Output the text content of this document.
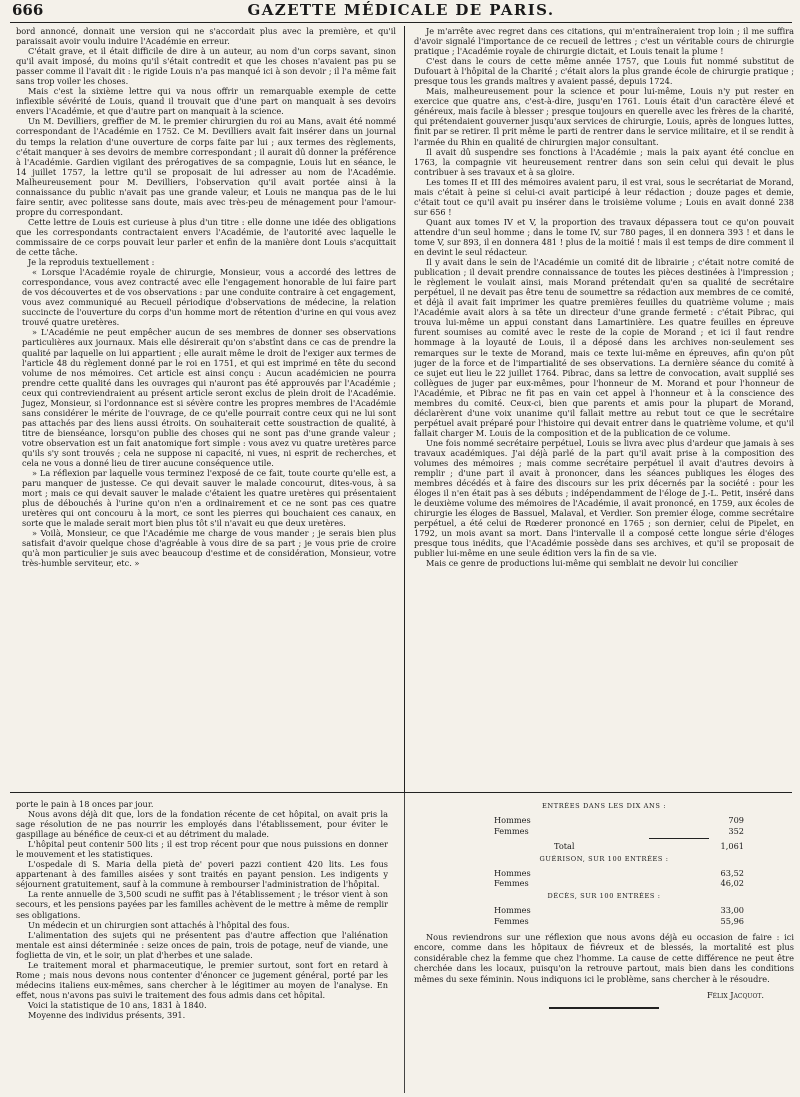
666	GAZETTE MÉDICALE DE PARIS.

bord annoncé, donnait une version qui ne s'accordait plus avec la première, et qu'il paraissait avoir voulu induire l'Académie en erreur.

C'était grave, et il était difficile de dire à un auteur, au nom d'un corps savant, sinon qu'il avait imposé, du moins qu'il s'était contredit et que les choses n'avaient pas pu se passer comme il l'avait dit : le rigide Louis n'a pas manqué ici à son devoir ; il l'a même fait sans trop voiler les choses.

Mais c'est la sixième lettre qui va nous offrir un remarquable exemple de cette inflexible sévérité de Louis, quand il trouvait que d'une part on manquait à ses devoirs envers l'Académie, et que d'autre part on manquait à la science.

Un M. Devilliers, greffier de M. le premier chirurgien du roi au Mans, avait été nommé correspondant de l'Académie en 1752. Ce M. Devilliers avait fait insérer dans un journal du temps la relation d'une ouverture de corps faite par lui ; aux termes des règlements, c'était manquer à ses devoirs de membre correspondant ; il aurait dû donner la préférence à l'Académie. Gardien vigilant des prérogatives de sa compagnie, Louis lut en séance, le 14 juillet 1757, la lettre qu'il se proposait de lui adresser au nom de l'Académie. Malheureusement pour M. Devilliers, l'observation qu'il avait portée ainsi à la connaissance du public n'avait pas une grande valeur, et Louis ne manqua pas de le lui faire sentir, avec politesse sans doute, mais avec très-peu de ménagement pour l'amour-propre du correspondant.

Cette lettre de Louis est curieuse à plus d'un titre : elle donne une idée des obligations que les correspondants contractaient envers l'Académie, de l'autorité avec laquelle le commissaire de ce corps pouvait leur parler et enfin de la manière dont Louis s'acquittait de cette tâche.

Je la reproduis textuellement :

« Lorsque l'Académie royale de chirurgie, Monsieur, vous a accordé des lettres de correspondance, vous avez contracté avec elle l'engagement honorable de lui faire part de vos découvertes et de vos observations : par une conduite contraire à cet engagement, vous avez communiqué au Recueil périodique d'observations de médecine, la relation succincte de l'ouverture du corps d'un homme mort de rétention d'urine en qui vous avez trouvé quatre uretères.

» L'Académie ne peut empêcher aucun de ses membres de donner ses observations particulières aux journaux. Mais elle désirerait qu'on s'abstînt dans ce cas de prendre la qualité par laquelle on lui appartient ; elle aurait même le droit de l'exiger aux termes de l'article 48 du règlement donné par le roi en 1751, et qui est imprimé en tête du second volume de nos mémoires. Cet article est ainsi conçu : Aucun académicien ne pourra prendre cette qualité dans les ouvrages qui n'auront pas été approuvés par l'Académie ; ceux qui contreviendraient au présent article seront exclus de plein droit de l'Académie. Jugez, Monsieur, si l'ordonnance est si sévère contre les propres membres de l'Académie sans considérer le mérite de l'ouvrage, de ce qu'elle pourrait contre ceux qui ne lui sont pas attachés par des liens aussi étroits. On souhaiterait cette soustraction de qualité, à titre de bienséance, lorsqu'on publie des choses qui ne sont pas d'une grande valeur ; votre observation est un fait anatomique fort simple : vous avez vu quatre uretères parce qu'ils s'y sont trouvés ; cela ne suppose ni capacité, ni vues, ni esprit de recherches, et cela ne vous a donné lieu de tirer aucune conséquence utile.

» La réflexion par laquelle vous terminez l'exposé de ce fait, toute courte qu'elle est, a paru manquer de justesse. Ce qui devait sauver le malade concourut, dites-vous, à sa mort ; mais ce qui devait sauver le malade c'étaient les quatre uretères qui présentaient plus de débouchés à l'urine qu'on n'en a ordinairement et ce ne sont pas ces quatre uretères qui ont concouru à la mort, ce sont les pierres qui bouchaient ces canaux, en sorte que le malade serait mort bien plus tôt s'il n'avait eu que deux uretères.

» Voilà, Monsieur, ce que l'Académie me charge de vous mander ; je serais bien plus satisfait d'avoir quelque chose d'agréable à vous dire de sa part ; je vous prie de croire qu'à mon particulier je suis avec beaucoup d'estime et de considération, Monsieur, votre très-humble serviteur, etc. »

Je m'arrête avec regret dans ces citations, qui m'entraîneraient trop loin ; il me suffira d'avoir signalé l'importance de ce recueil de lettres ; c'est un véritable cours de chirurgie pratique ; l'Académie royale de chirurgie dictait, et Louis tenait la plume !

C'est dans le cours de cette même année 1757, que Louis fut nommé substitut de Dufouart à l'hôpital de la Charité ; c'était alors la plus grande école de chirurgie pratique ; presque tous les grands maîtres y avaient passé, depuis 1724.

Mais, malheureusement pour la science et pour lui-même, Louis n'y put rester en exercice que quatre ans, c'est-à-dire, jusqu'en 1761. Louis était d'un caractère élevé et généreux, mais facile à blesser ; presque toujours en querelle avec les frères de la charité, qui prétendaient gouverner jusqu'aux services de chirurgie, Louis, après de longues luttes, finit par se retirer. Il prit même le parti de rentrer dans le service militaire, et il se rendit à l'armée du Rhin en qualité de chirurgien major consultant.

Il avait dû suspendre ses fonctions à l'Académie ; mais la paix ayant été conclue en 1763, la compagnie vit heureusement rentrer dans son sein celui qui devait le plus contribuer à ses travaux et à sa gloire.

Les tomes II et III des mémoires avaient paru, il est vrai, sous le secrétariat de Morand, mais c'était à peine si celui-ci avait participé à leur rédaction ; douze pages et demie, c'était tout ce qu'il avait pu insérer dans le troisième volume ; Louis en avait donné 238 sur 656 !

Quant aux tomes IV et V, la proportion des travaux dépassera tout ce qu'on pouvait attendre d'un seul homme ; dans le tome IV, sur 780 pages, il en donnera 393 ! et dans le tome V, sur 893, il en donnera 481 ! plus de la moitié ! mais il est temps de dire comment il en devint le seul rédacteur.

Il y avait dans le sein de l'Académie un comité dit de librairie ; c'était notre comité de publication ; il devait prendre connaissance de toutes les pièces destinées à l'impression ; le règlement le voulait ainsi, mais Morand prétendait qu'en sa qualité de secrétaire perpétuel, il ne devait pas être tenu de soumettre sa rédaction aux membres de ce comité, et déjà il avait fait imprimer les quatre premières feuilles du quatrième volume ; mais l'Académie avait alors à sa tête un directeur d'une grande fermeté : c'était Pibrac, qui trouva lui-même un appui constant dans Lamartinière. Les quatre feuilles en épreuve furent soumises au comité avec le reste de la copie de Morand ; et ici il faut rendre hommage à la loyauté de Louis, il a déposé dans les archives non-seulement ses remarques sur le texte de Morand, mais ce texte lui-même en épreuves, afin qu'on pût juger de la force et de l'impartialité de ses observations. La dernière séance du comité à ce sujet eut lieu le 22 juillet 1764. Pibrac, dans sa lettre de convocation, avait supplié ses collègues de juger par eux-mêmes, pour l'honneur de M. Morand et pour l'honneur de l'Académie, et Pibrac ne fit pas en vain cet appel à l'honneur et à la conscience des membres du comité. Ceux-ci, bien que parents et amis pour la plupart de Morand, déclarèrent d'une voix unanime qu'il fallait mettre au rebut tout ce que le secrétaire perpétuel avait préparé pour l'histoire qui devait entrer dans le quatrième volume, et qu'il fallait charger M. Louis de la composition et de la publication de ce volume.

Une fois nommé secrétaire perpétuel, Louis se livra avec plus d'ardeur que jamais à ses travaux académiques. J'ai déjà parlé de la part qu'il avait prise à la composition des volumes des mémoires ; mais comme secrétaire perpétuel il avait d'autres devoirs à remplir ; d'une part il avait à prononcer, dans les séances publiques les éloges des membres décédés et à faire des discours sur les prix décernés par la société : pour les éloges il n'en était pas à ses débuts ; indépendamment de l'éloge de J.-L. Petit, inséré dans le deuxième volume des mémoires de l'Académie, il avait prononcé, en 1759, aux écoles de chirurgie les éloges de Bassuel, Malaval, et Verdier. Son premier éloge, comme secrétaire perpétuel, a été celui de Rœderer prononcé en 1765 ; son dernier, celui de Pipelet, en 1792, un mois avant sa mort. Dans l'intervalle il a composé cette longue série d'éloges presque tous inédits, que l'Académie possède dans ses archives, et qu'il se proposait de publier lui-même en une seule édition vers la fin de sa vie.

Mais ce genre de productions lui-même qui semblait ne devoir lui concilier

porte le pain à 18 onces par jour.

Nous avons déjà dit que, lors de la fondation récente de cet hôpital, on avait pris la sage résolution de ne pas nourrir les employés dans l'établissement, pour éviter le gaspillage au bénéfice de ceux-ci et au détriment du malade.

L'hôpital peut contenir 500 lits ; il est trop récent pour que nous puissions en donner le mouvement et les statistiques.

L'ospedale di S. Maria della pietà de' poveri pazzi contient 420 lits. Les fous appartenant à des familles aisées y sont traités en payant pension. Les indigents y séjournent gratuitement, sauf à la commune à rembourser l'administration de l'hôpital.

La rente annuelle de 3,500 scudi ne suffit pas à l'établissement ; le trésor vient à son secours, et les pensions payées par les familles achèvent de le mettre à même de remplir ses obligations.

Un médecin et un chirurgien sont attachés à l'hôpital des fous.

L'alimentation des sujets qui ne présentent pas d'autre affection que l'aliénation mentale est ainsi déterminée : seize onces de pain, trois de potage, neuf de viande, une foglietta de vin, et le soir, un plat d'herbes et une salade.

Le traitement moral et pharmaceutique, le premier surtout, sont fort en retard à Rome ; mais nous devons nous contenter d'énoncer ce jugement général, porté par les médecins italiens eux-mêmes, sans chercher à le légitimer au moyen de l'analyse. En effet, nous n'avons pas suivi le traitement des fous admis dans cet hôpital.

Voici la statistique de 10 ans, 1831 à 1840.

Moyenne des individus présents, 391.

ENTRÉES DANS LES DIX ANS :
Hommes	709
Femmes	352
Total	1,061
GUÉRISON, SUR 100 ENTRÉES :
Hommes	63,52
Femmes	46,02
DÉCÈS, SUR 100 ENTRÉES :
Hommes	33,00
Femmes	55,96

Nous reviendrons sur une réflexion que nous avons déjà eu occasion de faire : ici encore, comme dans les hôpitaux de fiévreux et de blessés, la mortalité est plus considérable chez la femme que chez l'homme. La cause de cette différence ne peut être cherchée dans les locaux, puisqu'on la retrouve partout, mais bien dans les conditions mêmes du sexe féminin. Nous indiquons ici le problème, sans chercher à le résoudre.

Félix Jacquot.
